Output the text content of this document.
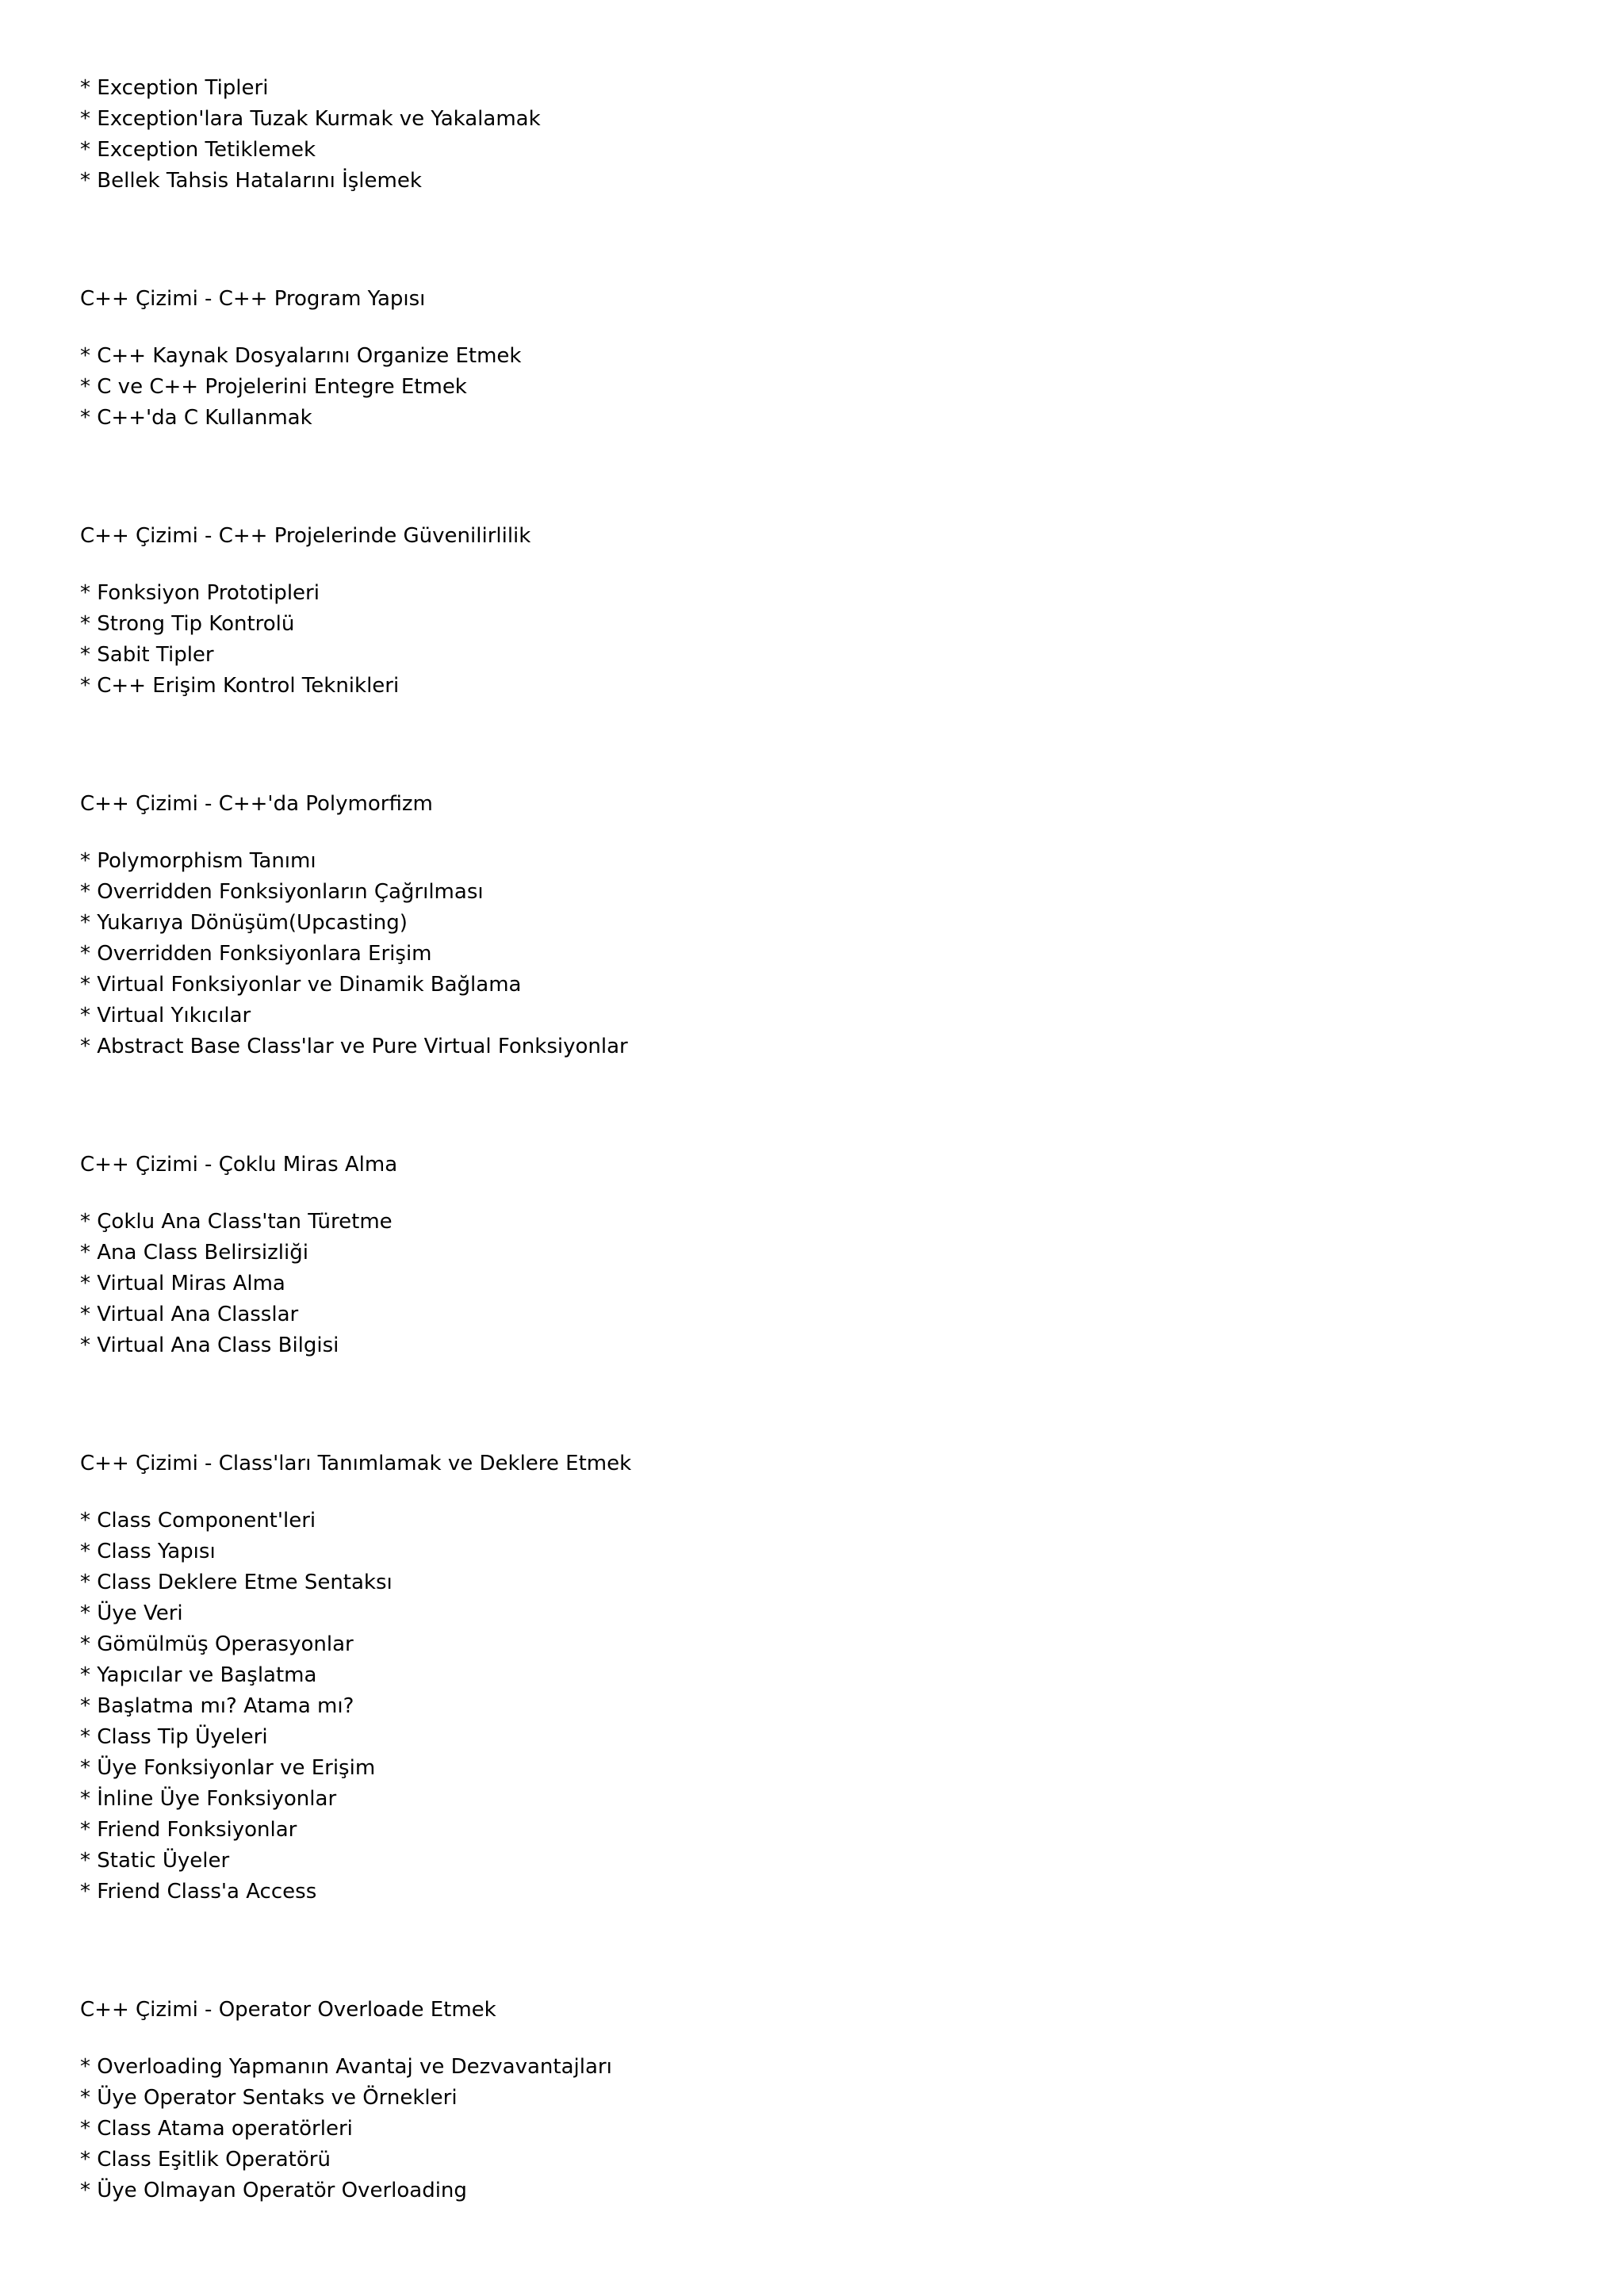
* Exception Tipleri

* Exception'lara Tuzak Kurmak ve Yakalamak

* Exception Tetiklemek

* Bellek Tahsis Hatalarını İşlemek

C++ Çizimi - C++ Program Yapısı

* C++ Kaynak Dosyalarını Organize Etmek

* C ve C++ Projelerini Entegre Etmek

* C++'da C Kullanmak

C++ Çizimi - C++ Projelerinde Güvenilirlilik

* Fonksiyon Prototipleri

* Strong Tip Kontrolü

* Sabit Tipler

* C++ Erişim Kontrol Teknikleri

C++ Çizimi - C++'da Polymorfizm

* Polymorphism Tanımı

* Overridden Fonksiyonların Çağrılması

* Yukarıya Dönüşüm(Upcasting)

* Overridden Fonksiyonlara Erişim

* Virtual Fonksiyonlar ve Dinamik Bağlama

* Virtual Yıkıcılar

* Abstract Base Class'lar ve Pure Virtual Fonksiyonlar

C++ Çizimi - Çoklu Miras Alma

* Çoklu Ana Class'tan Türetme

* Ana Class Belirsizliği

* Virtual Miras Alma

* Virtual Ana Classlar

* Virtual Ana Class Bilgisi

C++ Çizimi - Class'ları Tanımlamak ve Deklere Etmek

* Class Component'leri

* Class Yapısı

* Class Deklere Etme Sentaksı

* Üye Veri

* Gömülmüş Operasyonlar

* Yapıcılar ve Başlatma

* Başlatma mı? Atama mı?

* Class Tip Üyeleri

* Üye Fonksiyonlar ve Erişim

* İnline Üye Fonksiyonlar

* Friend Fonksiyonlar

* Static Üyeler

* Friend Class'a Access

C++ Çizimi - Operator Overloade Etmek

* Overloading Yapmanın Avantaj ve Dezvavantajları

* Üye Operator Sentaks ve Örnekleri

* Class Atama operatörleri

* Class Eşitlik Operatörü

* Üye Olmayan Operatör Overloading
